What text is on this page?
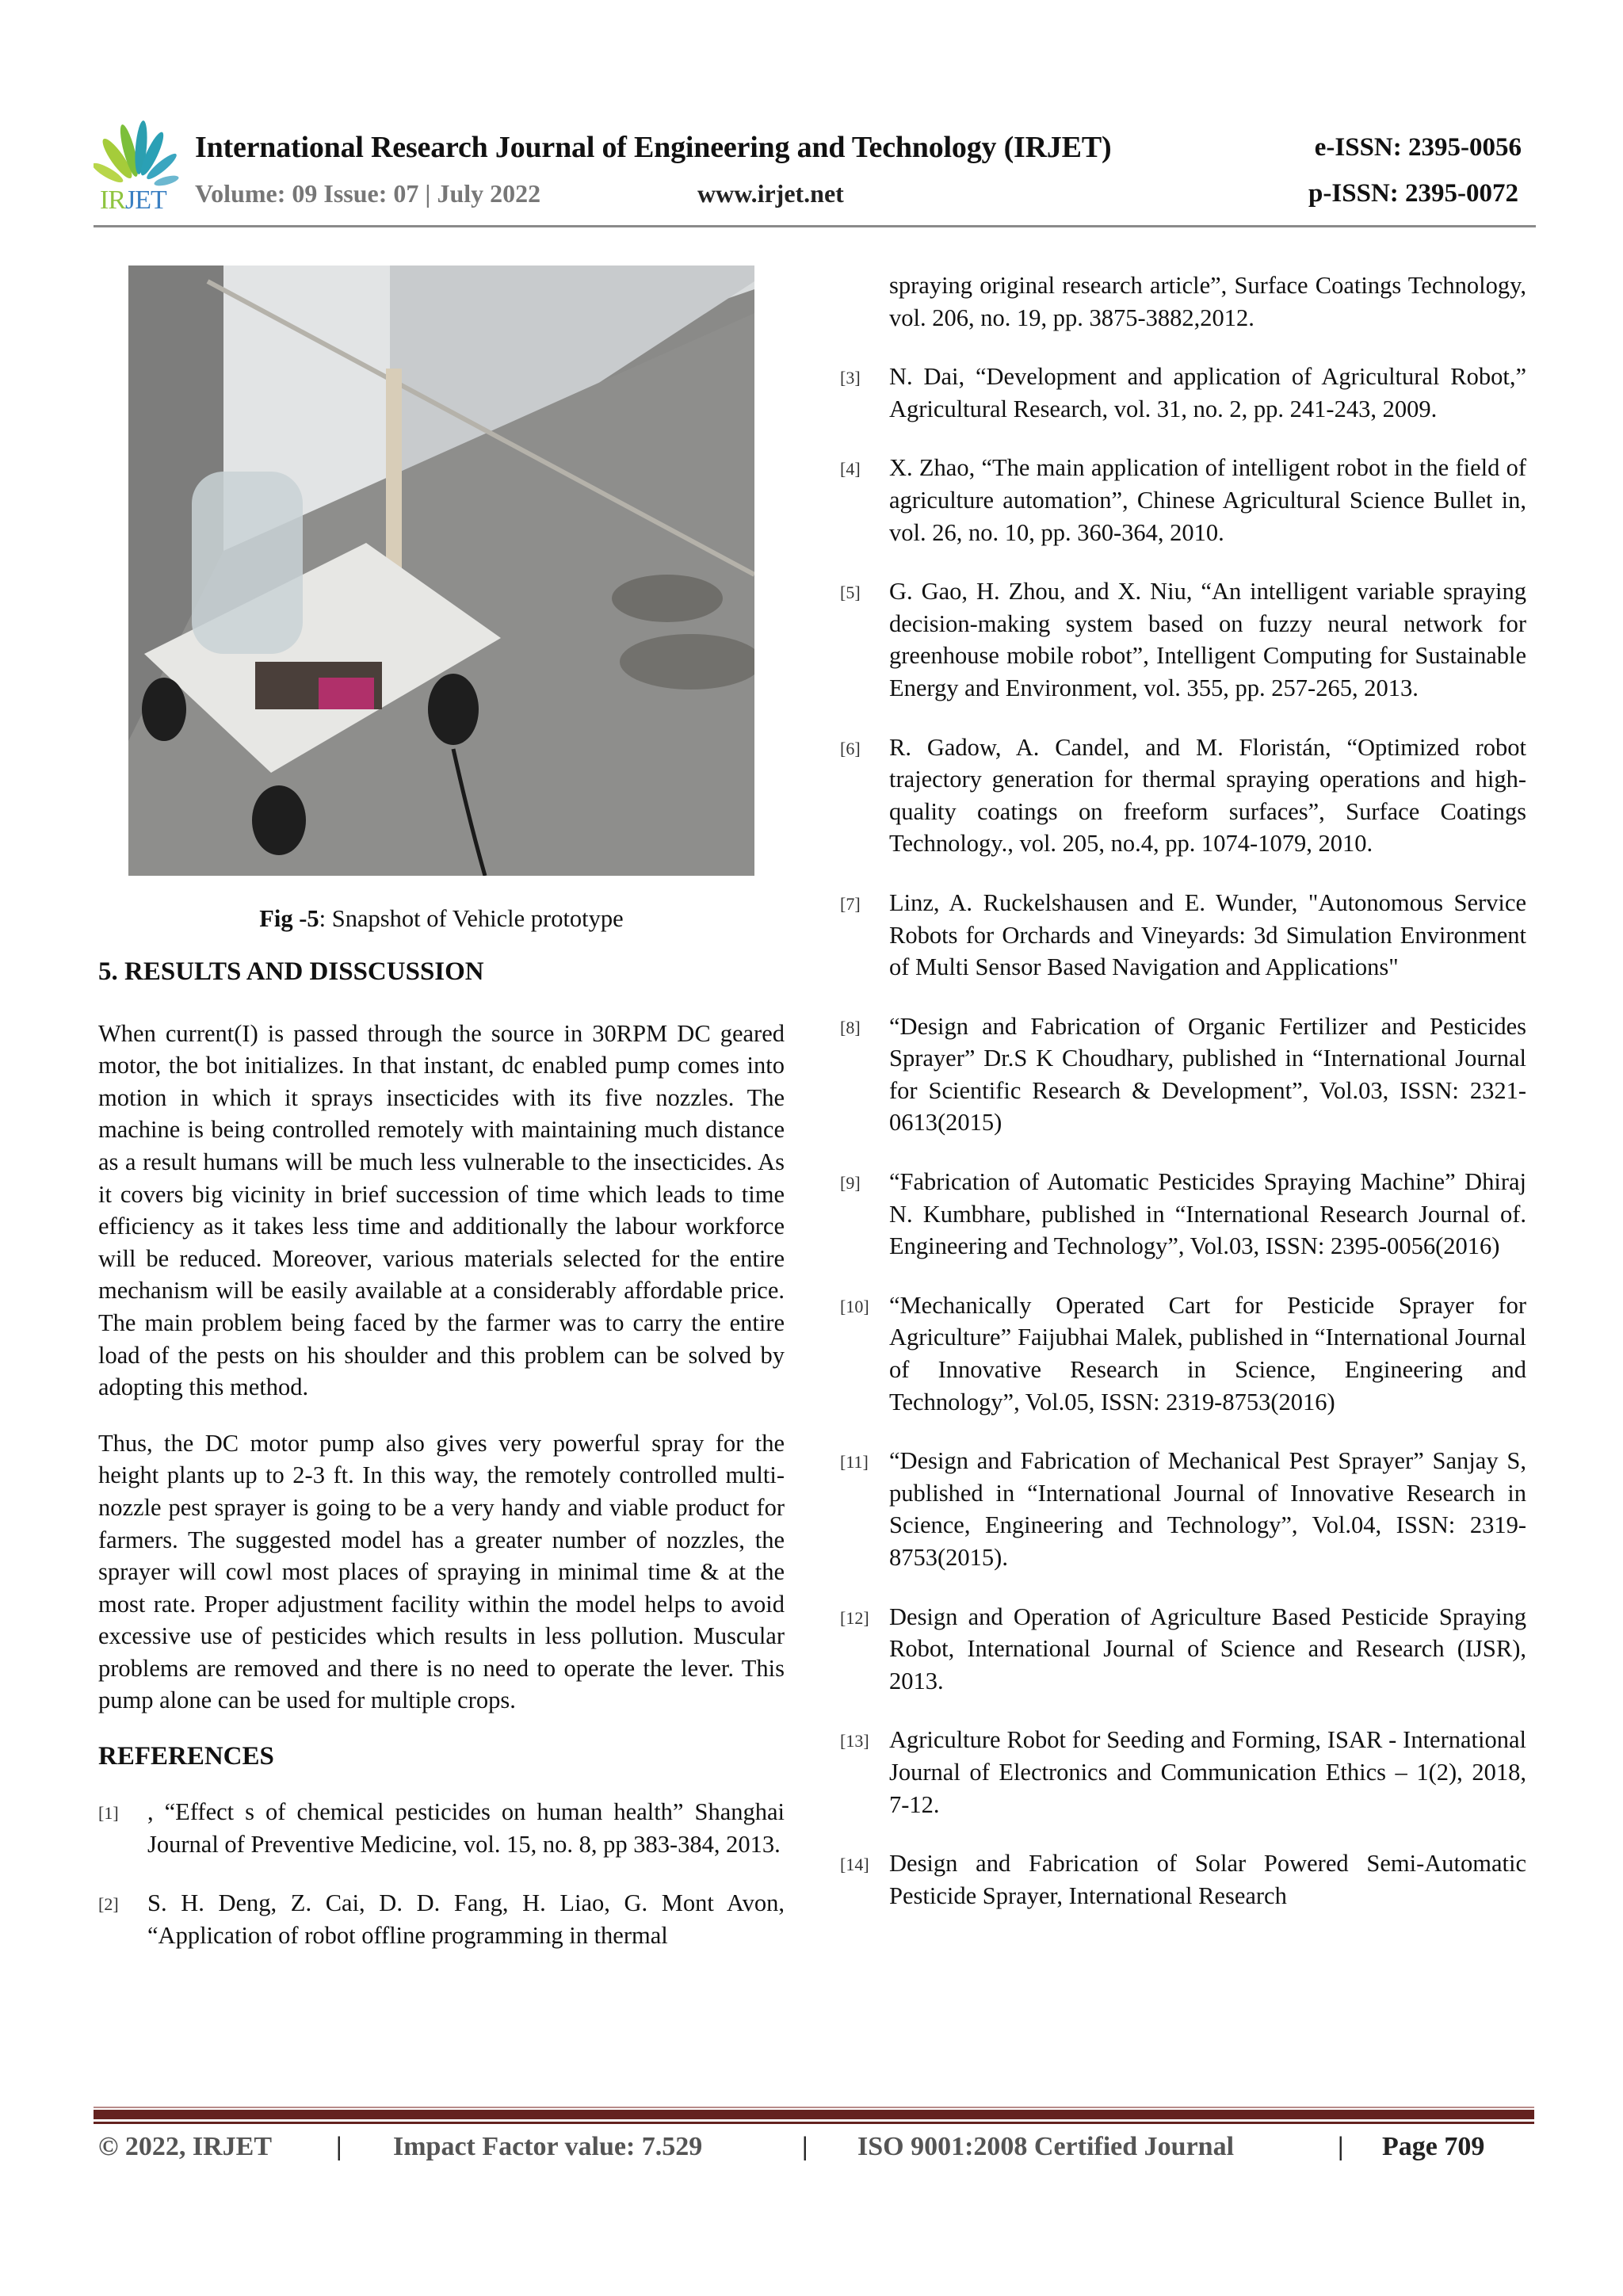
IRJET
International Research Journal of Engineering and Technology (IRJET)	e-ISSN: 2395-0056
Volume: 09 Issue: 07 | July 2022	www.irjet.net	p-ISSN: 2395-0072
Fig -5: Snapshot of Vehicle prototype
5. RESULTS AND DISSCUSSION

When current(I) is passed through the source in 30RPM DC geared motor, the bot initializes. In that instant, dc enabled pump comes into motion in which it sprays insecticides with its five nozzles. The machine is being controlled remotely with maintaining much distance as a result humans will be much less vulnerable to the insecticides. As it covers big vicinity in brief succession of time which leads to time efficiency as it takes less time and additionally the labour workforce will be reduced. Moreover, various materials selected for the entire mechanism will be easily available at a considerably affordable price. The main problem being faced by the farmer was to carry the entire load of the pests on his shoulder and this problem can be solved by adopting this method.

Thus, the DC motor pump also gives very powerful spray for the height plants up to 2-3 ft. In this way, the remotely controlled multi-nozzle pest sprayer is going to be a very handy and viable product for farmers. The suggested model has a greater number of nozzles, the sprayer will cowl most places of spraying in minimal time & at the most rate. Proper adjustment facility within the model helps to avoid excessive use of pesticides which results in less pollution. Muscular problems are removed and there is no need to operate the lever. This pump alone can be used for multiple crops.

REFERENCES
[1] , “Effect s of chemical pesticides on human health” Shanghai Journal of Preventive Medicine, vol. 15, no. 8, pp 383-384, 2013.
[2] S. H. Deng, Z. Cai, D. D. Fang, H. Liao, G. Mont Avon, “Application of robot offline programming in thermal
spraying original research article”, Surface Coatings Technology, vol. 206, no. 19, pp. 3875-3882,2012.
[3] N. Dai, “Development and application of Agricultural Robot,” Agricultural Research, vol. 31, no. 2, pp. 241-243, 2009.
[4] X. Zhao, “The main application of intelligent robot in the field of agriculture automation”, Chinese Agricultural Science Bullet in, vol. 26, no. 10, pp. 360-364, 2010.
[5] G. Gao, H. Zhou, and X. Niu, “An intelligent variable spraying decision-making system based on fuzzy neural network for greenhouse mobile robot”, Intelligent Computing for Sustainable Energy and Environment, vol. 355, pp. 257-265, 2013.
[6] R. Gadow, A. Candel, and M. Floristán, “Optimized robot trajectory generation for thermal spraying operations and high-quality coatings on freeform surfaces”, Surface Coatings Technology., vol. 205, no.4, pp. 1074-1079, 2010.
[7] Linz, A. Ruckelshausen and E. Wunder, "Autonomous Service Robots for Orchards and Vineyards: 3d Simulation Environment of Multi Sensor Based Navigation and Applications"
[8] “Design and Fabrication of Organic Fertilizer and Pesticides Sprayer” Dr.S K Choudhary, published in “International Journal for Scientific Research & Development”, Vol.03, ISSN: 2321-0613(2015)
[9] “Fabrication of Automatic Pesticides Spraying Machine” Dhiraj N. Kumbhare, published in “International Research Journal of. Engineering and Technology”, Vol.03, ISSN: 2395-0056(2016)
[10] “Mechanically Operated Cart for Pesticide Sprayer for Agriculture” Faijubhai Malek, published in “International Journal of Innovative Research in Science, Engineering and Technology”, Vol.05, ISSN: 2319-8753(2016)
[11] “Design and Fabrication of Mechanical Pest Sprayer” Sanjay S, published in “International Journal of Innovative Research in Science, Engineering and Technology”, Vol.04, ISSN: 2319-8753(2015).
[12] Design and Operation of Agriculture Based Pesticide Spraying Robot, International Journal of Science and Research (IJSR), 2013.
[13] Agriculture Robot for Seeding and Forming, ISAR - International Journal of Electronics and Communication Ethics – 1(2), 2018, 7-12.
[14] Design and Fabrication of Solar Powered Semi-Automatic Pesticide Sprayer, International Research
© 2022, IRJET | Impact Factor value: 7.529	| ISO 9001:2008 Certified Journal	| Page 709
